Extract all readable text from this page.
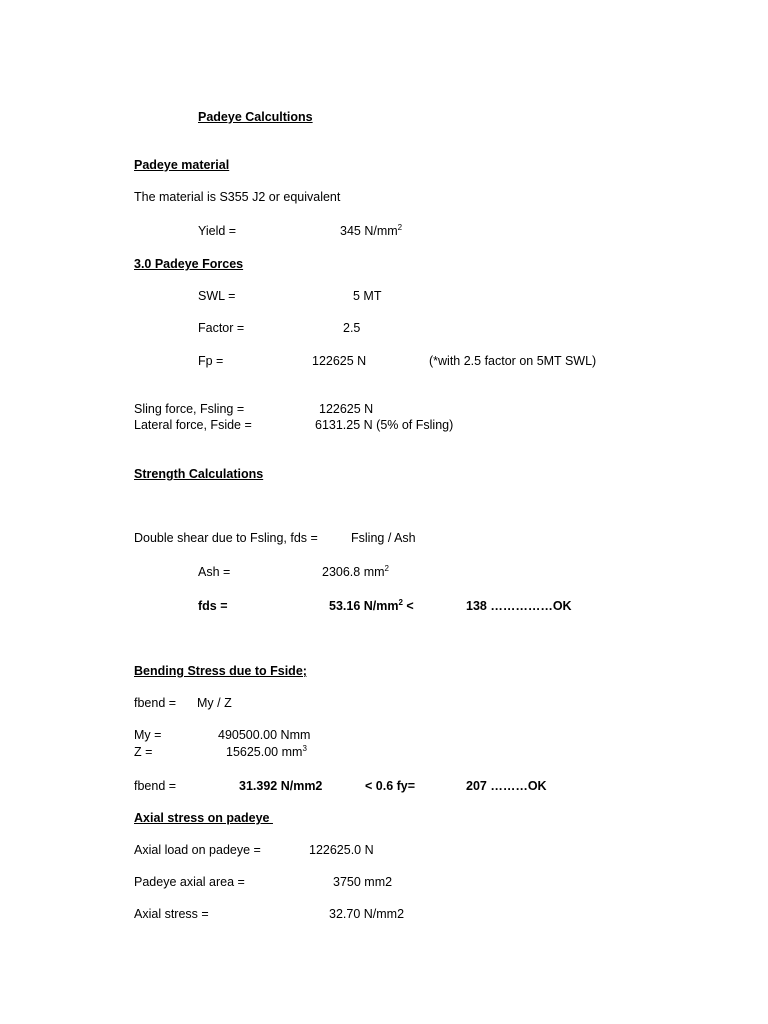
Padeye Calcultions
Padeye material
The material is S355 J2 or equivalent
Yield =	345 $N/mm^2$
3.0 Padeye Forces
SWL =	5 MT
Factor =	2.5
Fp =	122625 N	(*with 2.5 factor on 5MT SWL)
Sling force, Fsling =	122625 N
Lateral force, Fside =	6131.25 N (5% of Fsling)
Strength Calculations
Double shear due to Fsling, fds =	Fsling / Ash
Ash =	2306.8 $mm^2$
fds =	53.16 $N/mm^2$ <	138 ……………OK
Bending Stress due to Fside;
fbend = My / Z
My =	490500.00 Nmm
Z =	15625.00 $mm^3$
fbend =	31.392 N/mm2	< 0.6 fy=	207 ………OK
Axial stress on padeye
Axial load on padeye =	122625.0 N
Padeye axial area =	3750 mm2
Axial stress =	32.70 N/mm2
